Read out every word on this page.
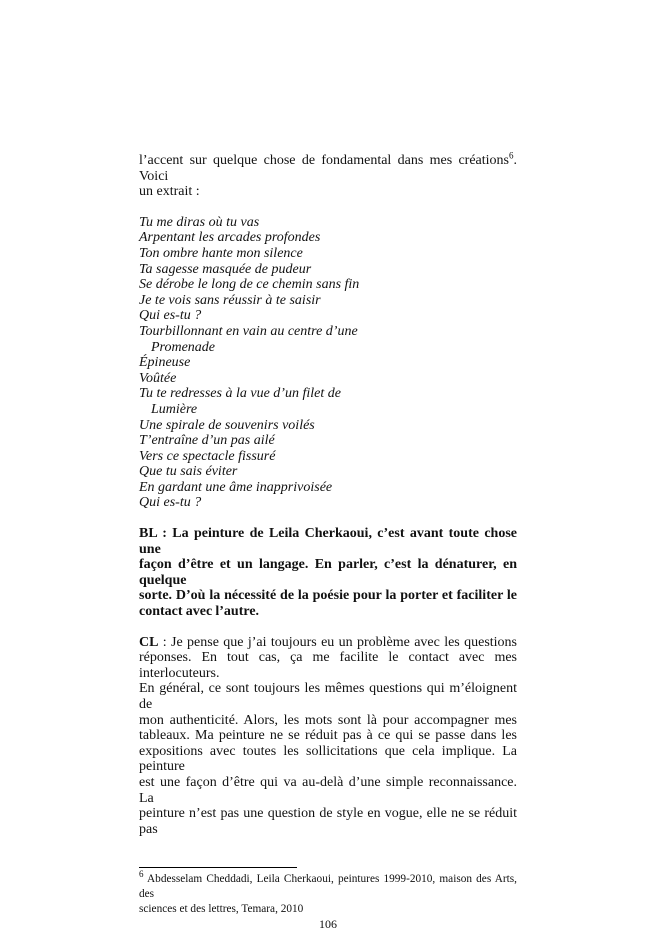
l’accent sur quelque chose de fondamental dans mes créations$^6$. Voici
un extrait :
Tu me diras où tu vas
Arpentant les arcades profondes
Ton ombre hante mon silence
Ta sagesse masquée de pudeur
Se dérobe le long de ce chemin sans fin
Je te vois sans réussir à te saisir
Qui es-tu ?
Tourbillonnant en vain au centre d’une
Promenade
Épineuse
Voûtée
Tu te redresses à la vue d’un filet de
Lumière
Une spirale de souvenirs voilés
T’entraîne d’un pas ailé
Vers ce spectacle fissuré
Que tu sais éviter
En gardant une âme inapprivoisée
Qui es-tu ?
BL : La peinture de Leila Cherkaoui, c’est avant toute chose une
façon d’être et un langage. En parler, c’est la dénaturer, en quelque
sorte. D’où la nécessité de la poésie pour la porter et faciliter le
contact avec l’autre.
CL : Je pense que j’ai toujours eu un problème avec les questions
réponses. En tout cas, ça me facilite le contact avec mes interlocuteurs.
En général, ce sont toujours les mêmes questions qui m’éloignent de
mon authenticité. Alors, les mots sont là pour accompagner mes
tableaux. Ma peinture ne se réduit pas à ce qui se passe dans les
expositions avec toutes les sollicitations que cela implique. La peinture
est une façon d’être qui va au-delà d’une simple reconnaissance. La
peinture n’est pas une question de style en vogue, elle ne se réduit pas
$^6$ Abdesselam Cheddadi, Leila Cherkaoui, peintures 1999-2010, maison des Arts, des
sciences et des lettres, Temara, 2010
106
